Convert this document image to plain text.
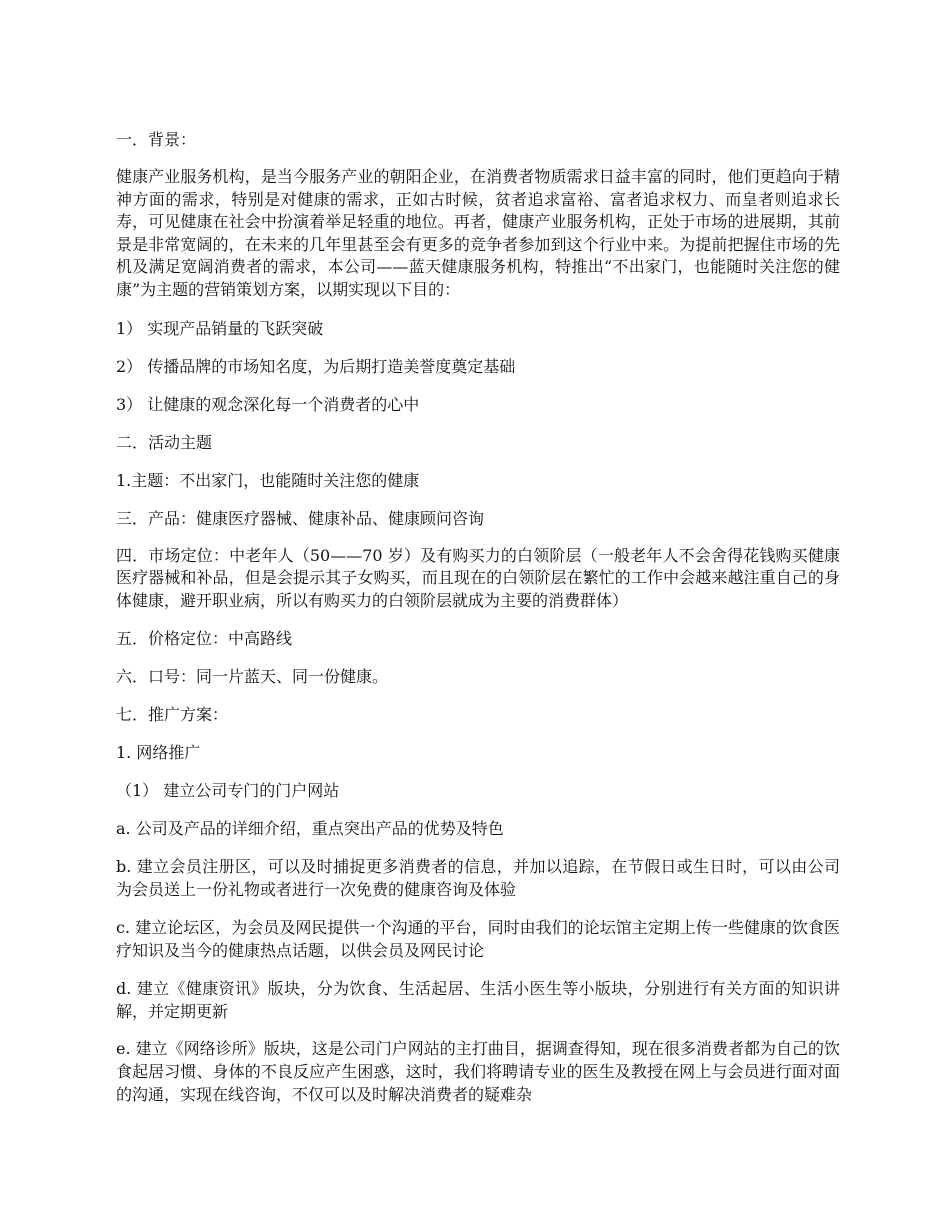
一．背景：

健康产业服务机构，是当今服务产业的朝阳企业，在消费者物质需求日益丰富的同时，他们更趋向于精神方面的需求，特别是对健康的需求，正如古时候，贫者追求富裕、富者追求权力、而皇者则追求长寿，可见健康在社会中扮演着举足轻重的地位。再者，健康产业服务机构，正处于市场的进展期，其前景是非常宽阔的，在未来的几年里甚至会有更多的竞争者参加到这个行业中来。为提前把握住市场的先机及满足宽阔消费者的需求，本公司——蓝天健康服务机构，特推出“不出家门，也能随时关注您的健康”为主题的营销策划方案，以期实现以下目的：

1） 实现产品销量的飞跃突破

2） 传播品牌的市场知名度，为后期打造美誉度奠定基础

3） 让健康的观念深化每一个消费者的心中

二．活动主题

1.主题：不出家门，也能随时关注您的健康

三．产品：健康医疗器械、健康补品、健康顾问咨询

四．市场定位：中老年人（50——70 岁）及有购买力的白领阶层（一般老年人不会舍得花钱购买健康医疗器械和补品，但是会提示其子女购买，而且现在的白领阶层在繁忙的工作中会越来越注重自己的身体健康，避开职业病，所以有购买力的白领阶层就成为主要的消费群体）

五．价格定位：中高路线

六．口号：同一片蓝天、同一份健康。

七．推广方案：

1. 网络推广

（1） 建立公司专门的门户网站

a. 公司及产品的详细介绍，重点突出产品的优势及特色

b. 建立会员注册区，可以及时捕捉更多消费者的信息，并加以追踪，在节假日或生日时，可以由公司为会员送上一份礼物或者进行一次免费的健康咨询及体验

c. 建立论坛区，为会员及网民提供一个沟通的平台，同时由我们的论坛馆主定期上传一些健康的饮食医疗知识及当今的健康热点话题，以供会员及网民讨论

d. 建立《健康资讯》版块，分为饮食、生活起居、生活小医生等小版块，分别进行有关方面的知识讲解，并定期更新

e. 建立《网络诊所》版块，这是公司门户网站的主打曲目，据调查得知，现在很多消费者都为自己的饮食起居习惯、身体的不良反应产生困惑，这时，我们将聘请专业的医生及教授在网上与会员进行面对面的沟通，实现在线咨询，不仅可以及时解决消费者的疑难杂
